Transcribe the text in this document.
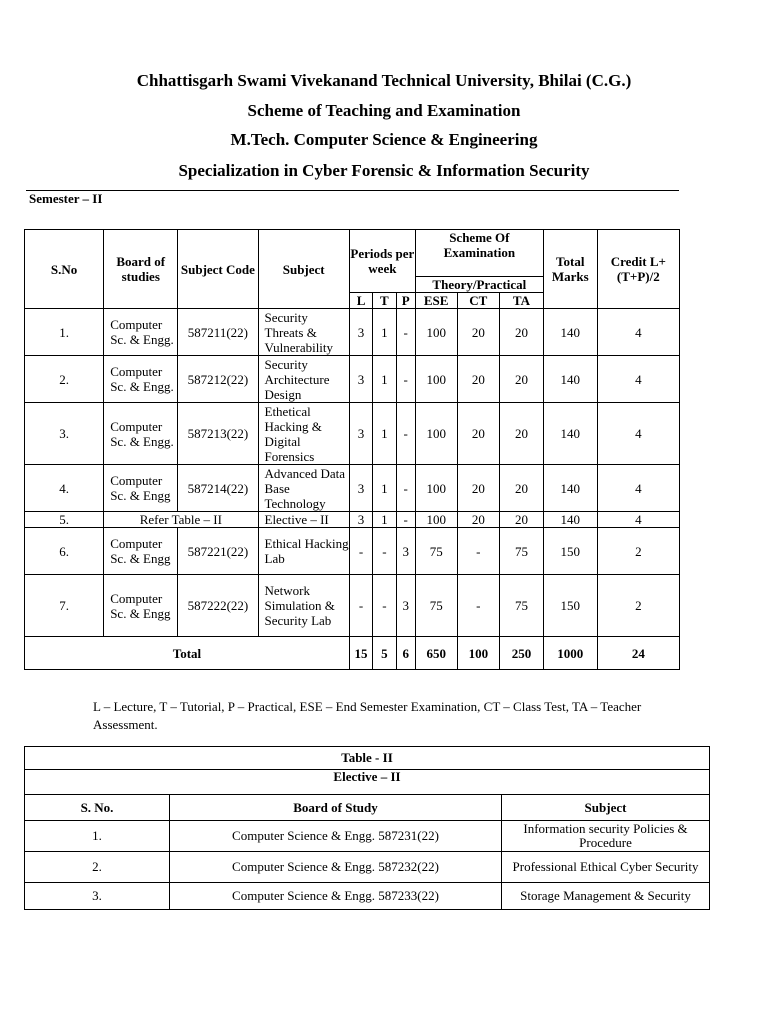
Chhattisgarh Swami Vivekanand Technical University, Bhilai (C.G.)
Scheme of Teaching and Examination
M.Tech. Computer Science & Engineering
Specialization in Cyber Forensic & Information Security
Semester – II
S.No	Board of studies	Subject Code	Subject	Periods per week			Scheme Of Examination			Total Marks	Credit L+(T+P)/2
							Theory/Practical				
				L	T	P	ESE	CT	TA		
1.	Computer Sc. & Engg.	587211(22)	Security Threats & Vulnerability	3	1	-	100	20	20	140	4
2.	Computer Sc. & Engg.	587212(22)	Security Architecture Design	3	1	-	100	20	20	140	4
3.	Computer Sc. & Engg.	587213(22)	Ethetical Hacking & Digital Forensics	3	1	-	100	20	20	140	4
4.	Computer Sc. & Engg	587214(22)	Advanced Data Base Technology	3	1	-	100	20	20	140	4
5.	Refer Table – II		Elective – II	3	1	-	100	20	20	140	4
6.	Computer Sc. & Engg	587221(22)	Ethical Hacking Lab	-	-	3	75	-	75	150	2
7.	Computer Sc. & Engg	587222(22)	Network Simulation & Security Lab	-	-	3	75	-	75	150	2
Total				15	5	6	650	100	250	1000	24
L – Lecture, T – Tutorial, P – Practical, ESE – End Semester Examination, CT – Class Test, TA – Teacher Assessment.
Table - II		
Elective – II		
S. No.	Board of Study	Subject
1.	Computer Science & Engg. 587231(22)	Information security Policies & Procedure
2.	Computer Science & Engg. 587232(22)	Professional Ethical Cyber Security
3.	Computer Science & Engg. 587233(22)	Storage Management & Security
